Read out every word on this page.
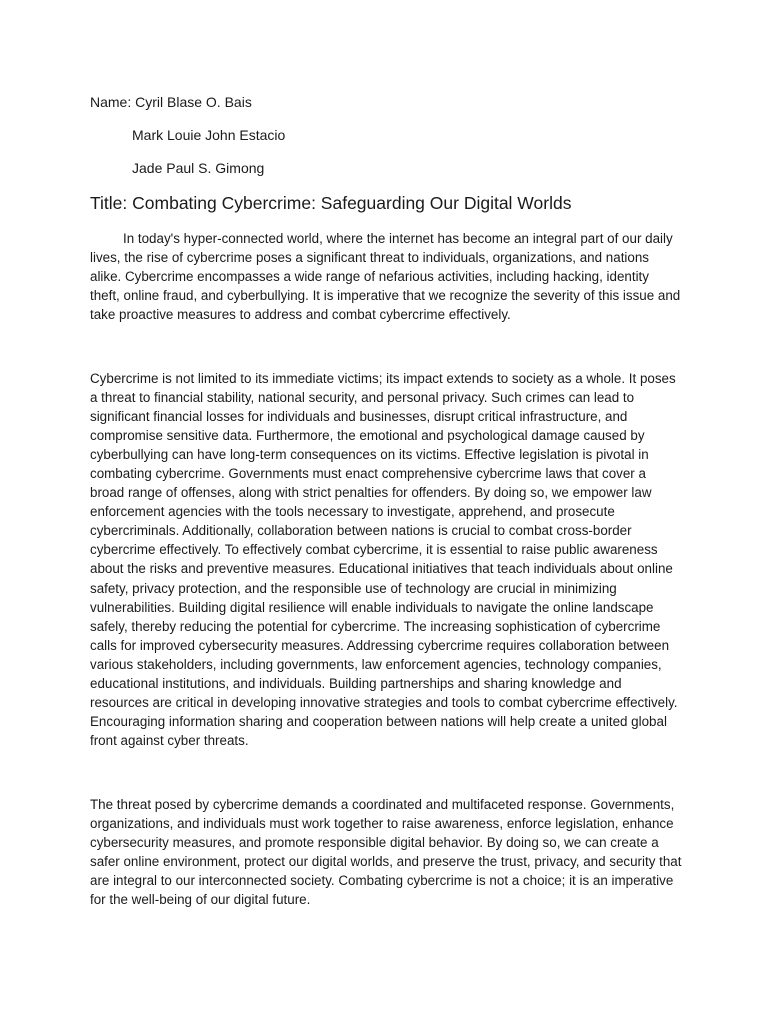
Name: Cyril Blase O. Bais
Mark Louie John Estacio
Jade Paul S. Gimong
Title: Combating Cybercrime: Safeguarding Our Digital Worlds

In today's hyper-connected world, where the internet has become an integral part of our daily lives, the rise of cybercrime poses a significant threat to individuals, organizations, and nations alike. Cybercrime encompasses a wide range of nefarious activities, including hacking, identity theft, online fraud, and cyberbullying. It is imperative that we recognize the severity of this issue and take proactive measures to address and combat cybercrime effectively.

Cybercrime is not limited to its immediate victims; its impact extends to society as a whole. It poses a threat to financial stability, national security, and personal privacy. Such crimes can lead to significant financial losses for individuals and businesses, disrupt critical infrastructure, and compromise sensitive data. Furthermore, the emotional and psychological damage caused by cyberbullying can have long-term consequences on its victims. Effective legislation is pivotal in combating cybercrime. Governments must enact comprehensive cybercrime laws that cover a broad range of offenses, along with strict penalties for offenders. By doing so, we empower law enforcement agencies with the tools necessary to investigate, apprehend, and prosecute cybercriminals. Additionally, collaboration between nations is crucial to combat cross-border cybercrime effectively. To effectively combat cybercrime, it is essential to raise public awareness about the risks and preventive measures. Educational initiatives that teach individuals about online safety, privacy protection, and the responsible use of technology are crucial in minimizing vulnerabilities. Building digital resilience will enable individuals to navigate the online landscape safely, thereby reducing the potential for cybercrime. The increasing sophistication of cybercrime calls for improved cybersecurity measures. Addressing cybercrime requires collaboration between various stakeholders, including governments, law enforcement agencies, technology companies, educational institutions, and individuals. Building partnerships and sharing knowledge and resources are critical in developing innovative strategies and tools to combat cybercrime effectively. Encouraging information sharing and cooperation between nations will help create a united global front against cyber threats.

The threat posed by cybercrime demands a coordinated and multifaceted response. Governments, organizations, and individuals must work together to raise awareness, enforce legislation, enhance cybersecurity measures, and promote responsible digital behavior. By doing so, we can create a safer online environment, protect our digital worlds, and preserve the trust, privacy, and security that are integral to our interconnected society. Combating cybercrime is not a choice; it is an imperative for the well-being of our digital future.
